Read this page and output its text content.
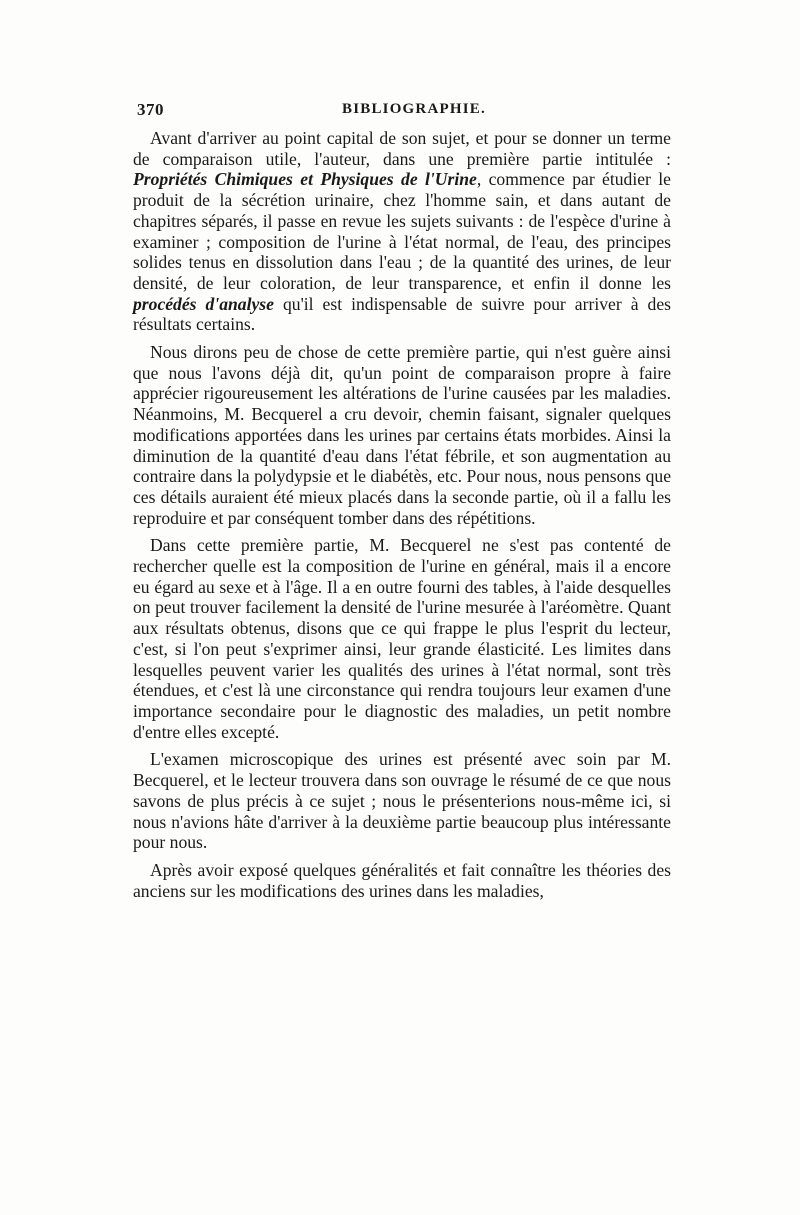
370	BIBLIOGRAPHIE.

Avant d'arriver au point capital de son sujet, et pour se donner un terme de comparaison utile, l'auteur, dans une première partie intitulée : Propriétés Chimiques et Physiques de l'Urine, commence par étudier le produit de la sécrétion urinaire, chez l'homme sain, et dans autant de chapitres séparés, il passe en revue les sujets suivants : de l'espèce d'urine à examiner ; composition de l'urine à l'état normal, de l'eau, des principes solides tenus en dissolution dans l'eau ; de la quantité des urines, de leur densité, de leur coloration, de leur transparence, et enfin il donne les procédés d'analyse qu'il est indispensable de suivre pour arriver à des résultats certains.

Nous dirons peu de chose de cette première partie, qui n'est guère ainsi que nous l'avons déjà dit, qu'un point de comparaison propre à faire apprécier rigoureusement les altérations de l'urine causées par les maladies. Néanmoins, M. Becquerel a cru devoir, chemin faisant, signaler quelques modifications apportées dans les urines par certains états morbides. Ainsi la diminution de la quantité d'eau dans l'état fébrile, et son augmentation au contraire dans la polydypsie et le diabétès, etc. Pour nous, nous pensons que ces détails auraient été mieux placés dans la seconde partie, où il a fallu les reproduire et par conséquent tomber dans des répétitions.

Dans cette première partie, M. Becquerel ne s'est pas contenté de rechercher quelle est la composition de l'urine en général, mais il a encore eu égard au sexe et à l'âge. Il a en outre fourni des tables, à l'aide desquelles on peut trouver facilement la densité de l'urine mesurée à l'aréomètre. Quant aux résultats obtenus, disons que ce qui frappe le plus l'esprit du lecteur, c'est, si l'on peut s'exprimer ainsi, leur grande élasticité. Les limites dans lesquelles peuvent varier les qualités des urines à l'état normal, sont très étendues, et c'est là une circonstance qui rendra toujours leur examen d'une importance secondaire pour le diagnostic des maladies, un petit nombre d'entre elles excepté.

L'examen microscopique des urines est présenté avec soin par M. Becquerel, et le lecteur trouvera dans son ouvrage le résumé de ce que nous savons de plus précis à ce sujet ; nous le présenterions nous-même ici, si nous n'avions hâte d'arriver à la deuxième partie beaucoup plus intéressante pour nous.

Après avoir exposé quelques généralités et fait connaître les théories des anciens sur les modifications des urines dans les maladies,
